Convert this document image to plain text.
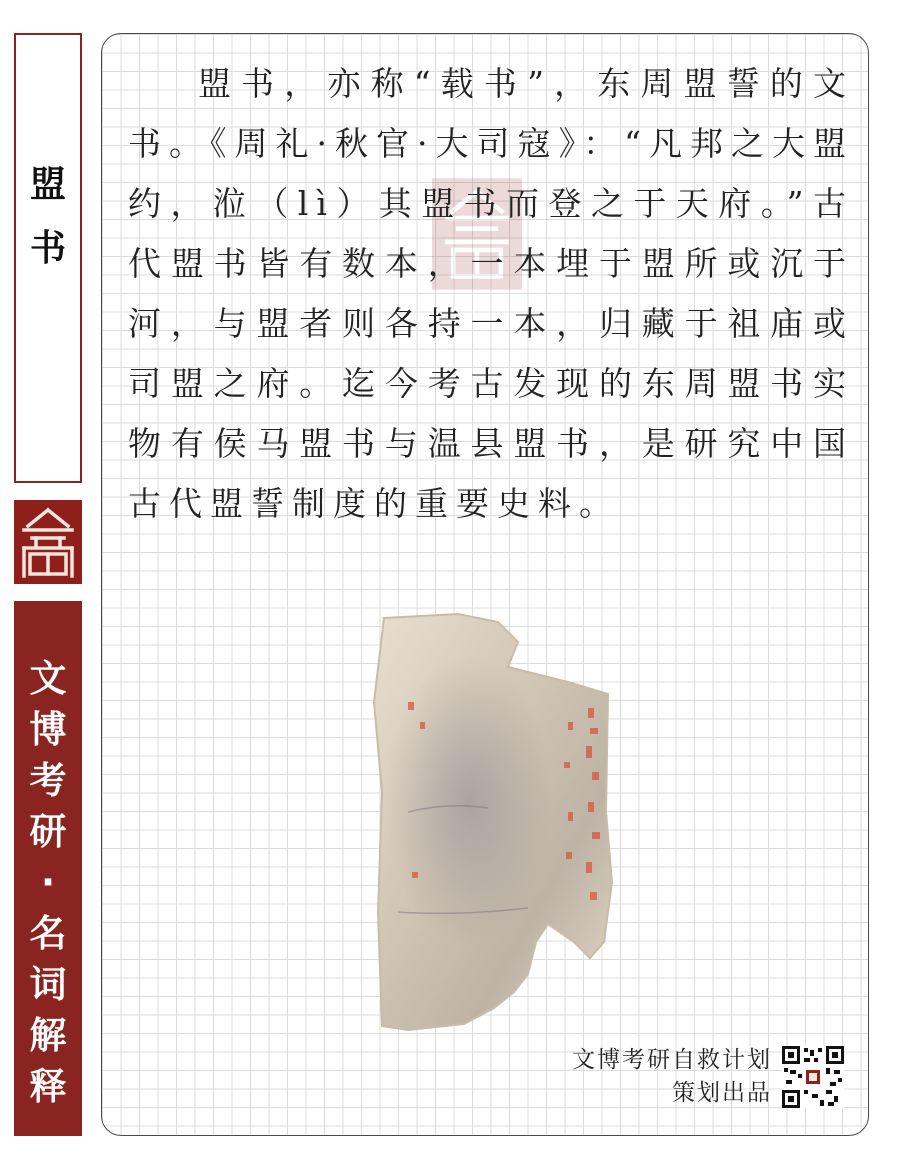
盟
书
文
博
考
研
·
名
词
解
释

盟书，亦称“载书”，东周盟誓的文书。《周礼·秋官·大司寇》：“凡邦之大盟约，涖（lì）其盟书而登之于天府。”古代盟书皆有数本，一本埋于盟所或沉于河，与盟者则各持一本，归藏于祖庙或司盟之府。迄今考古发现的东周盟书实物有侯马盟书与温县盟书，是研究中国古代盟誓制度的重要史料。

文博考研自救计划
策划出品
